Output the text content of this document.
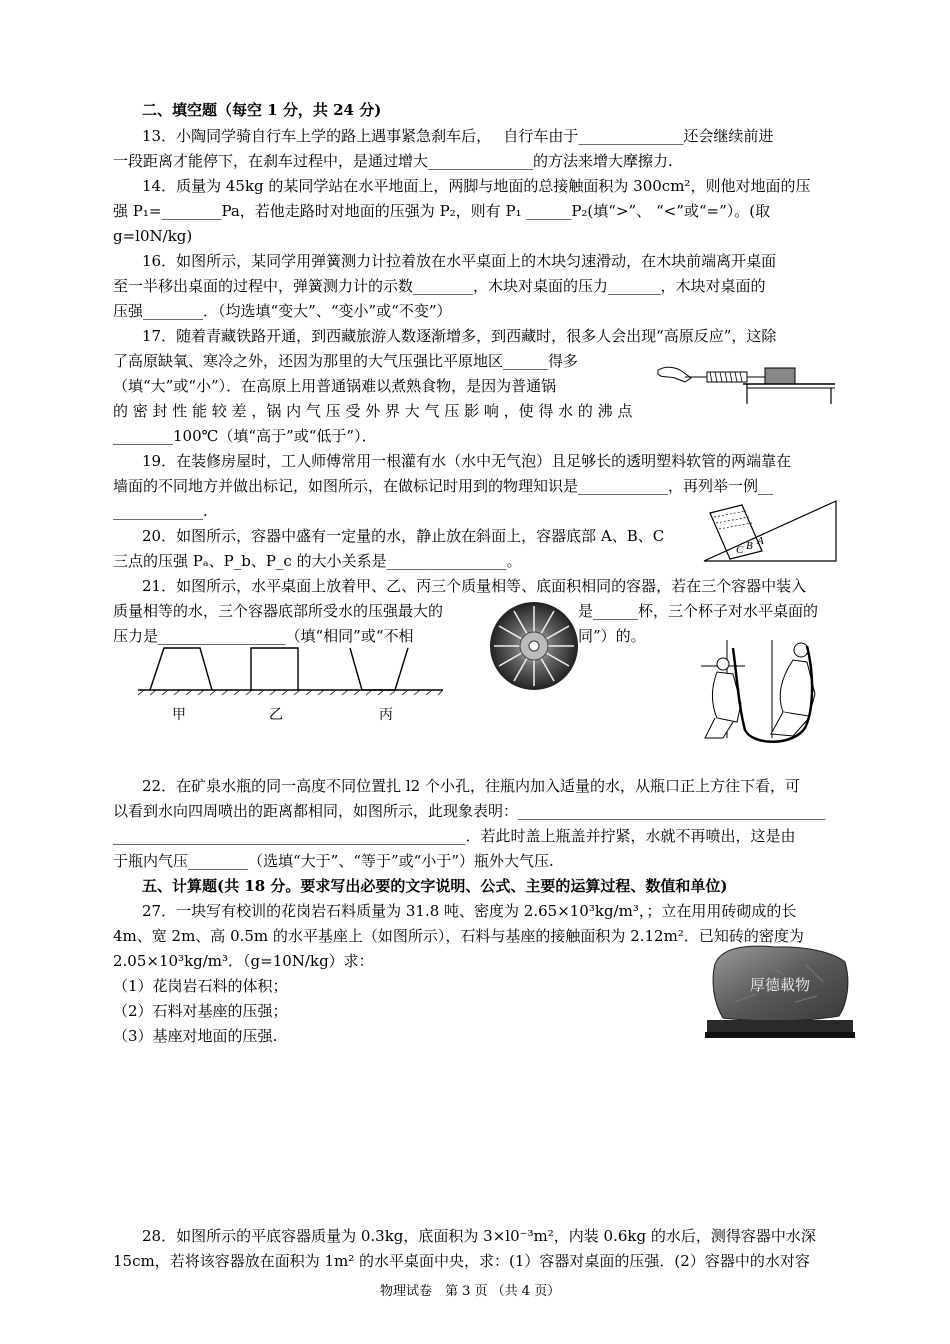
二、填空题（每空 1 分，共 24 分)
13．小陶同学骑自行车上学的路上遇事紧急刹车后，　 自行车由于______________还会继续前进
一段距离才能停下，在刹车过程中，是通过增大______________的方法来增大摩擦力.
14．质量为 45kg 的某同学站在水平地面上，两脚与地面的总接触面积为 300cm²，则他对地面的压
强 P₁=________Pa，若他走路时对地面的压强为 P₂，则有 P₁ ______P₂(填“>”、 “<”或“=”）。(取
g=l0N/kg)
16．如图所示，某同学用弹簧测力计拉着放在水平桌面上的木块匀速滑动，在木块前端离开桌面
至一半移出桌面的过程中，弹簧测力计的示数________，木块对桌面的压力_______，木块对桌面的
压强________．（均选填“变大”、“变小”或“不变”）
17．随着青藏铁路开通，到西藏旅游人数逐渐增多，到西藏时，很多人会出现“高原反应”，这除
了高原缺氧、寒冷之外，还因为那里的大气压强比平原地区______得多
（填“大”或“小”）．在高原上用普通锅难以煮熟食物，是因为普通锅
的 密 封 性 能 较 差 ，锅 内 气 压 受 外 界 大 气 压 影 响 ，使 得 水 的 沸 点
________100℃（填“高于”或“低于”）．
19．在装修房屋时，工人师傅常用一根灌有水（水中无气泡）且足够长的透明塑料软管的两端靠在
墙面的不同地方并做出标记，如图所示，在做标记时用到的物理知识是____________，再列举一例__
____________.
20．如图所示，容器中盛有一定量的水，静止放在斜面上，容器底部 A、B、C
三点的压强 Pₐ、P_b、P_c 的大小关系是________________。
21．如图所示，水平桌面上放着甲、乙、丙三个质量相等、底面积相同的容器，若在三个容器中装入
质量相等的水，三个容器底部所受水的压强最大的	是______杯，三个杯子对水平桌面的
压力是_________________（填“相同”或“不相	同”）的。
22．在矿泉水瓶的同一高度不同位置扎 l2 个小孔，往瓶内加入适量的水，从瓶口正上方往下看，可
以看到水向四周喷出的距离都相同，如图所示，此现象表明：_________________________________________
_______________________________________________．若此时盖上瓶盖并拧紧，水就不再喷出，这是由
于瓶内气压________（选填“大于”、“等于”或“小于”）瓶外大气压.
五、计算题(共 18 分。要求写出必要的文字说明、公式、主要的运算过程、数值和单位)
27．一块写有校训的花岗岩石料质量为 31.8 吨、密度为 2.65×10³kg/m³，；立在用用砖砌成的长
4m、宽 2m、高 0.5m 的水平基座上（如图所示），石料与基座的接触面积为 2.12m²．已知砖的密度为
2.05×10³kg/m³．（g=10N/kg）求：
（1）花岗岩石料的体积；
（2）石料对基座的压强；
（3）基座对地面的压强.
28．如图所示的平底容器质量为 0.3kg，底面积为 3×l0⁻³m²，内装 0.6kg 的水后，测得容器中水深
15cm，若将该容器放在面积为 1m² 的水平桌面中央，求：(1）容器对桌面的压强．(2）容器中的水对容
物理试卷　第 3 页 （共 4 页）
C B A
甲	乙	丙
厚德載物
